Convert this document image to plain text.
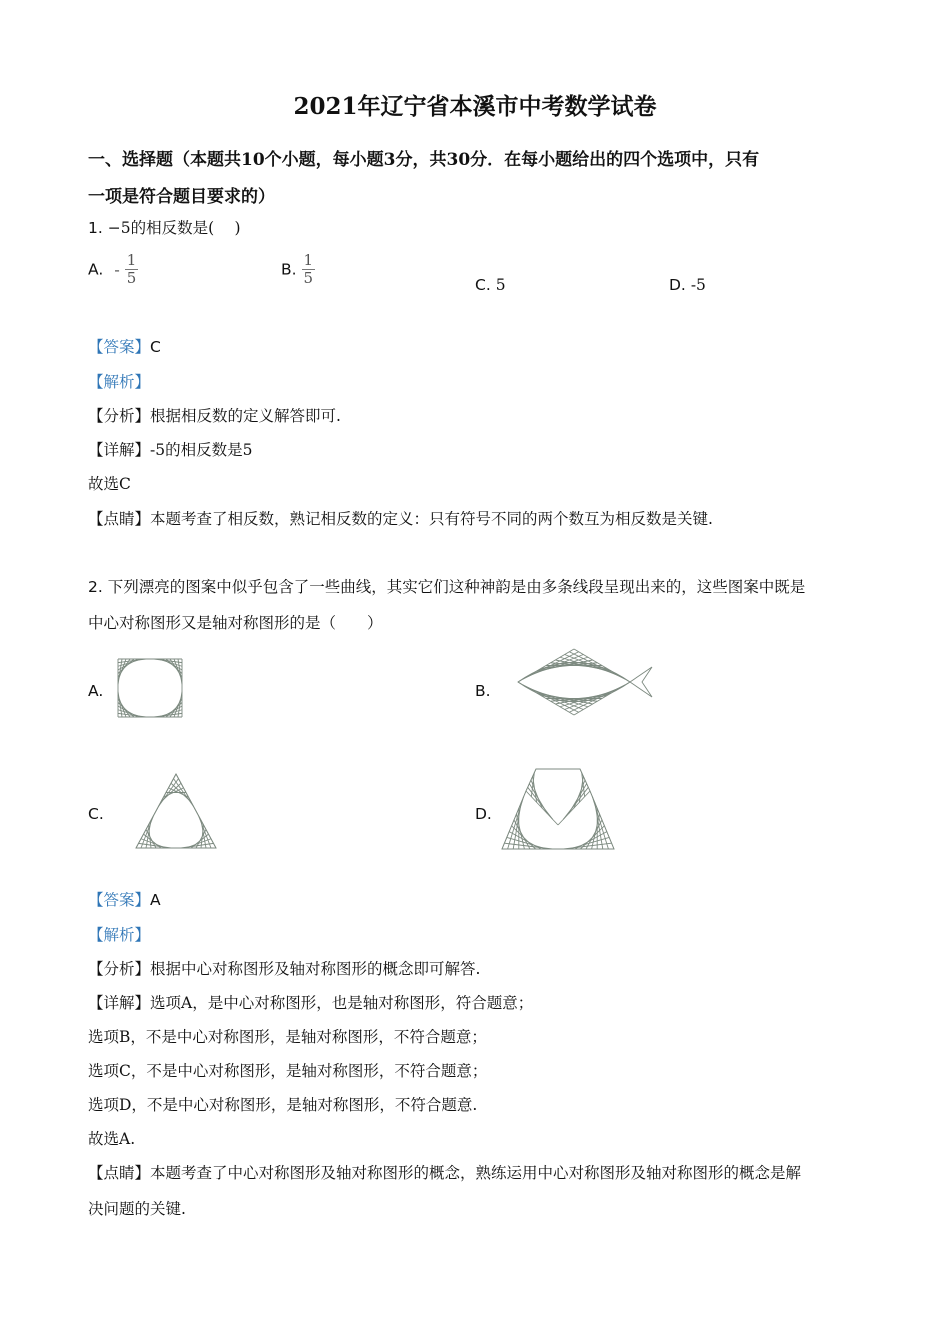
2021年辽宁省本溪市中考数学试卷
一、选择题（本题共10个小题，每小题3分，共30分．在每小题给出的四个选项中，只有
一项是符合题目要求的）
1. −5的相反数是(　 )
A. - $\frac{1}{5}$	B. $\frac{1}{5}$	C. 5	D. -5
【答案】C
【解析】
【分析】根据相反数的定义解答即可.
【详解】-5的相反数是5
故选C
【点睛】本题考查了相反数，熟记相反数的定义：只有符号不同的两个数互为相反数是关键.
2. 下列漂亮的图案中似乎包含了一些曲线，其实它们这种神韵是由多条线段呈现出来的，这些图案中既是
中心对称图形又是轴对称图形的是（　　）
A.	B.
C.	D.
【答案】A
【解析】
【分析】根据中心对称图形及轴对称图形的概念即可解答.
【详解】选项A，是中心对称图形，也是轴对称图形，符合题意；
选项B，不是中心对称图形，是轴对称图形，不符合题意；
选项C，不是中心对称图形，是轴对称图形，不符合题意；
选项D，不是中心对称图形，是轴对称图形，不符合题意.
故选A.
【点睛】本题考查了中心对称图形及轴对称图形的概念，熟练运用中心对称图形及轴对称图形的概念是解
决问题的关键.
